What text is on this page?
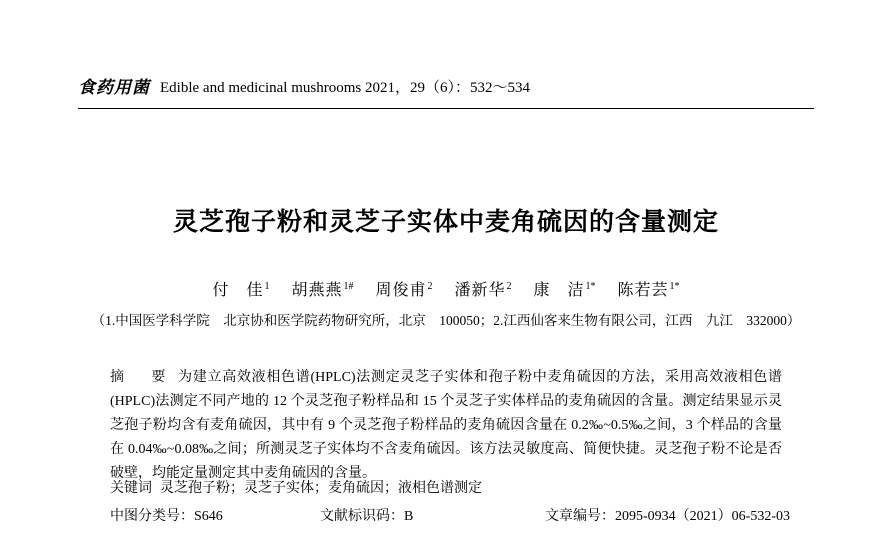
食药用菌 Edible and medicinal mushrooms 2021，29（6）：532～534
灵芝孢子粉和灵芝子实体中麦角硫因的含量测定
付　佳$^1$ 胡燕燕$^{1\#}$ 周俊甫$^2$ 潘新华$^2$ 康　洁$^{1*}$ 陈若芸$^{1*}$
（1.中国医学科学院　北京协和医学院药物研究所，北京　100050；2.江西仙客来生物有限公司，江西　九江　332000）
摘　要 为建立高效液相色谱(HPLC)法测定灵芝子实体和孢子粉中麦角硫因的方法，采用高效液相色谱(HPLC)法测定不同产地的 12 个灵芝孢子粉样品和 15 个灵芝子实体样品的麦角硫因的含量。测定结果显示灵芝孢子粉均含有麦角硫因，其中有 9 个灵芝孢子粉样品的麦角硫因含量在 0.2‰~0.5‰之间，3 个样品的含量在 0.04‰~0.08‰之间；所测灵芝子实体均不含麦角硫因。该方法灵敏度高、简便快捷。灵芝孢子粉不论是否破壁，均能定量测定其中麦角硫因的含量。
关键词 灵芝孢子粉；灵芝子实体；麦角硫因；液相色谱测定
中图分类号：S646	文献标识码：B	文章编号：2095-0934（2021）06-532-03
